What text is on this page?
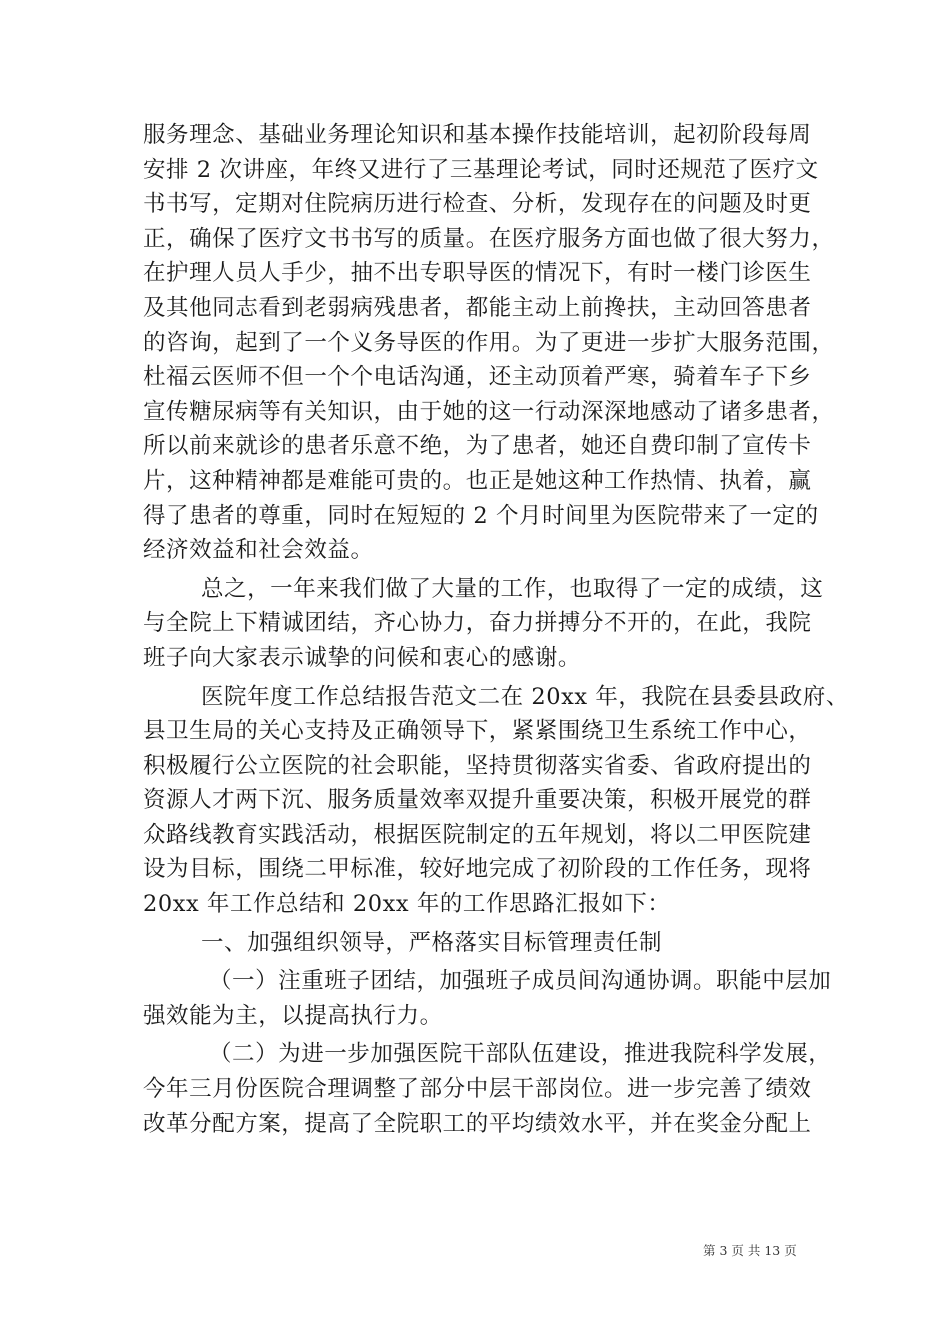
服务理念、基础业务理论知识和基本操作技能培训，起初阶段每周
安排 2 次讲座，年终又进行了三基理论考试，同时还规范了医疗文
书书写，定期对住院病历进行检查、分析，发现存在的问题及时更
正，确保了医疗文书书写的质量。在医疗服务方面也做了很大努力，
在护理人员人手少，抽不出专职导医的情况下，有时一楼门诊医生
及其他同志看到老弱病残患者，都能主动上前搀扶，主动回答患者
的咨询，起到了一个义务导医的作用。为了更进一步扩大服务范围，
杜福云医师不但一个个电话沟通，还主动顶着严寒，骑着车子下乡
宣传糖尿病等有关知识，由于她的这一行动深深地感动了诸多患者，
所以前来就诊的患者乐意不绝，为了患者，她还自费印制了宣传卡
片，这种精神都是难能可贵的。也正是她这种工作热情、执着，赢
得了患者的尊重，同时在短短的 2 个月时间里为医院带来了一定的
经济效益和社会效益。
总之，一年来我们做了大量的工作，也取得了一定的成绩，这
与全院上下精诚团结，齐心协力，奋力拼搏分不开的，在此，我院
班子向大家表示诚挚的问候和衷心的感谢。
医院年度工作总结报告范文二在 20xx 年，我院在县委县政府、
县卫生局的关心支持及正确领导下，紧紧围绕卫生系统工作中心，
积极履行公立医院的社会职能，坚持贯彻落实省委、省政府提出的
资源人才两下沉、服务质量效率双提升重要决策，积极开展党的群
众路线教育实践活动，根据医院制定的五年规划，将以二甲医院建
设为目标，围绕二甲标准，较好地完成了初阶段的工作任务，现将
20xx 年工作总结和 20xx 年的工作思路汇报如下：
一、加强组织领导，严格落实目标管理责任制
（一）注重班子团结，加强班子成员间沟通协调。职能中层加
强效能为主，以提高执行力。
（二）为进一步加强医院干部队伍建设，推进我院科学发展，
今年三月份医院合理调整了部分中层干部岗位。进一步完善了绩效
改革分配方案，提高了全院职工的平均绩效水平，并在奖金分配上
第 3 页 共 13 页
